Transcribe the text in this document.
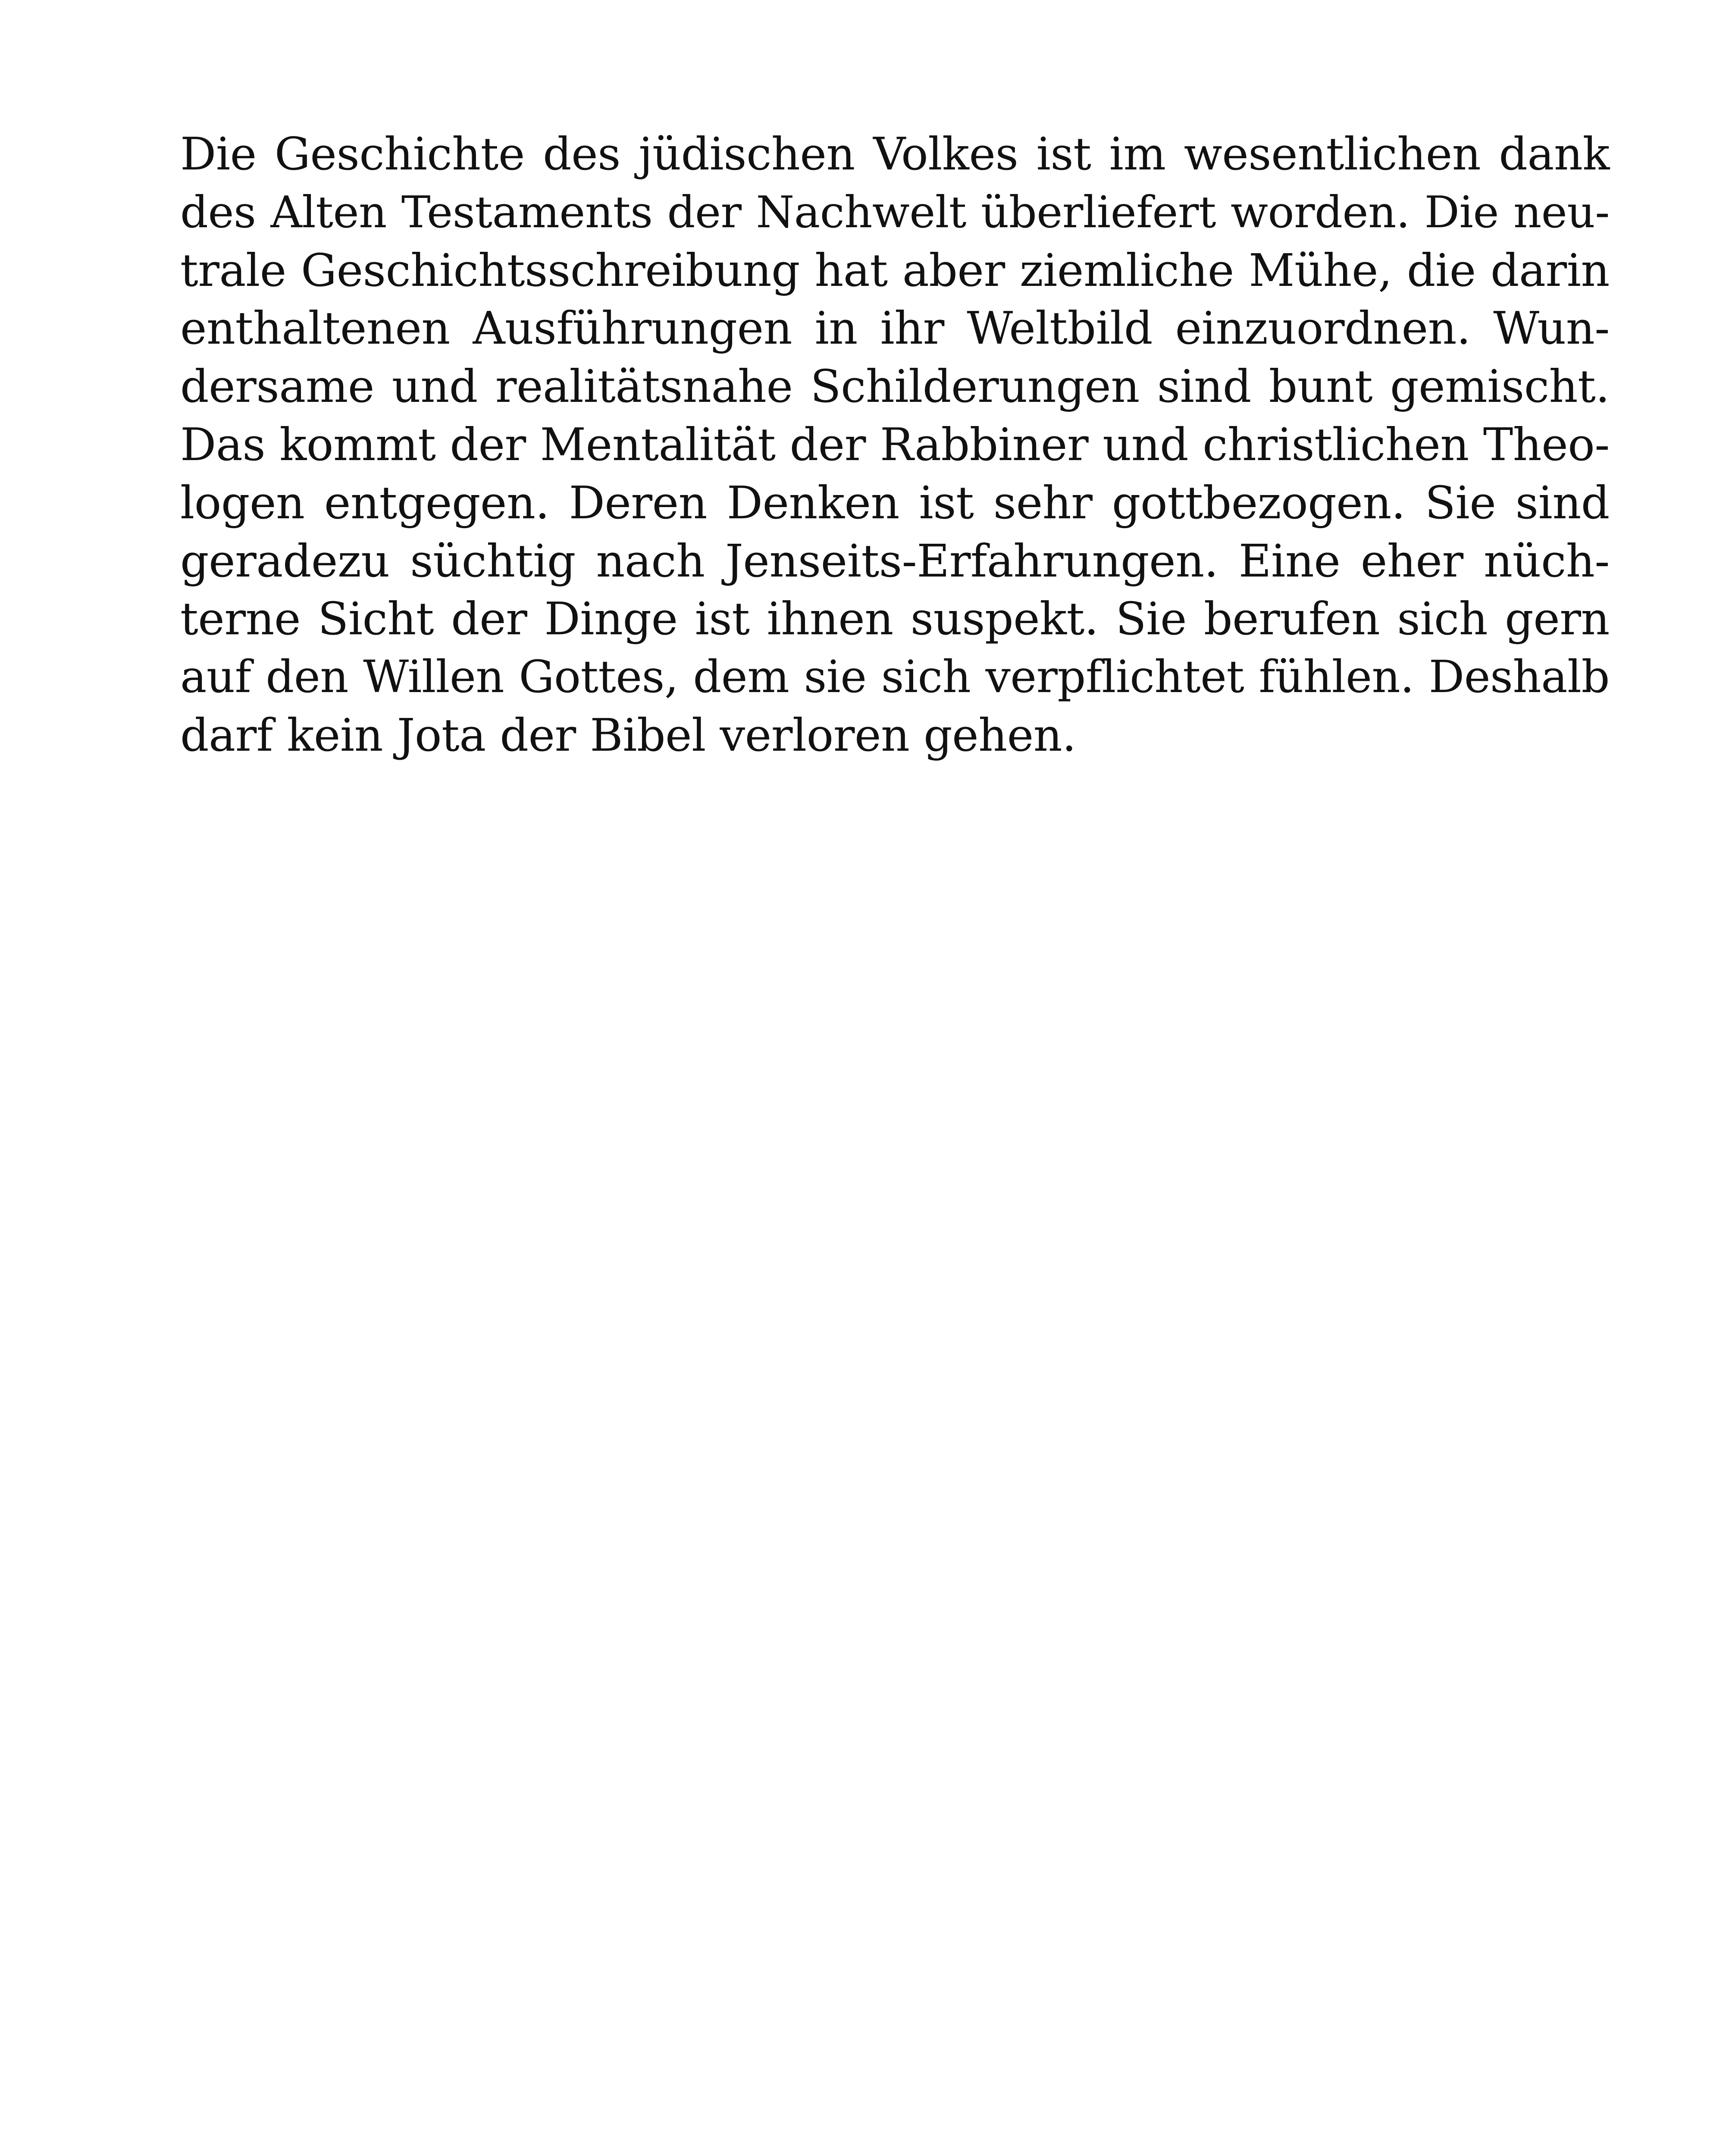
Die Geschichte des jüdischen Volkes ist im wesentlichen dank
des Alten Testaments der Nachwelt überliefert worden. Die neu-
trale Geschichtsschreibung hat aber ziemliche Mühe, die darin
enthaltenen Ausführungen in ihr Weltbild einzuordnen. Wun-
dersame und realitätsnahe Schilderungen sind bunt gemischt.
Das kommt der Mentalität der Rabbiner und christlichen Theo-
logen entgegen. Deren Denken ist sehr gottbezogen. Sie sind
geradezu süchtig nach Jenseits-Erfahrungen. Eine eher nüch-
terne Sicht der Dinge ist ihnen suspekt. Sie berufen sich gern
auf den Willen Gottes, dem sie sich verpflichtet fühlen. Deshalb
darf kein Jota der Bibel verloren gehen.
